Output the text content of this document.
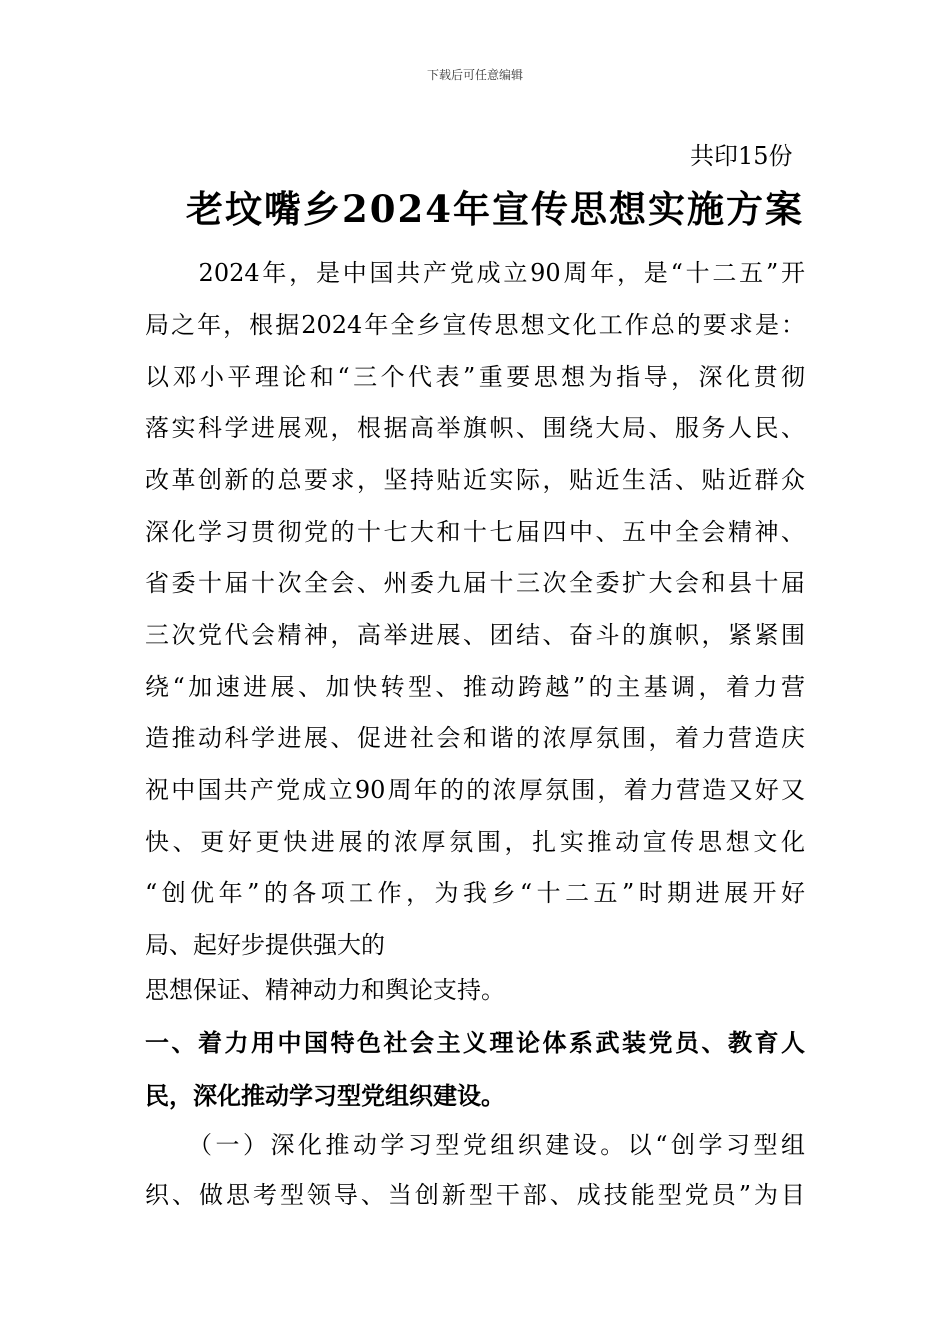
下载后可任意编辑
共印15份
老坟嘴乡2024年宣传思想实施方案
　　2024年，是中国共产党成立90周年，是“十二五”开
局之年，根据2024年全乡宣传思想文化工作总的要求是：
以邓小平理论和“三个代表”重要思想为指导，深化贯彻
落实科学进展观，根据高举旗帜、围绕大局、服务人民、
改革创新的总要求，坚持贴近实际，贴近生活、贴近群众
深化学习贯彻党的十七大和十七届四中、五中全会精神、
省委十届十次全会、州委九届十三次全委扩大会和县十届
三次党代会精神，高举进展、团结、奋斗的旗帜，紧紧围
绕“加速进展、加快转型、推动跨越”的主基调，着力营
造推动科学进展、促进社会和谐的浓厚氛围，着力营造庆
祝中国共产党成立90周年的的浓厚氛围，着力营造又好又
快、更好更快进展的浓厚氛围，扎实推动宣传思想文化
“创优年”的各项工作，为我乡“十二五”时期进展开好
局、起好步提供强大的
思想保证、精神动力和舆论支持。
一、着力用中国特色社会主义理论体系武装党员、教育人
民，深化推动学习型党组织建设。
　　（一）深化推动学习型党组织建设。以“创学习型组
织、做思考型领导、当创新型干部、成技能型党员”为目
